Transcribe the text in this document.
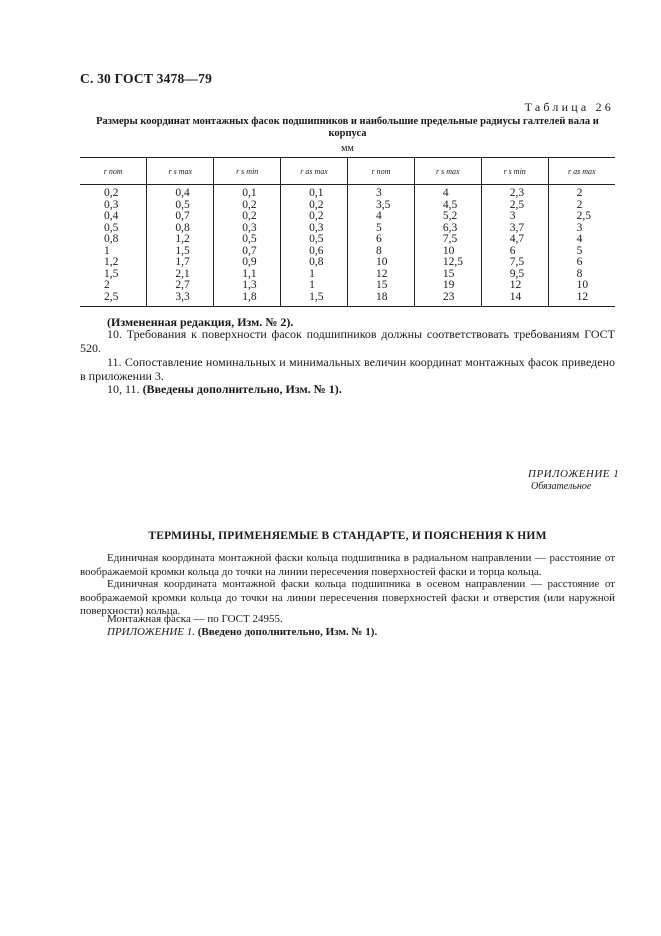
С. 30 ГОСТ 3478—79
Таблица 26
Размеры координат монтажных фасок подшипников и наибольшие предельные радиусы галтелей вала и корпуса
мм
r nom	r s max	r s min	r as max	r nom	r s max	r s min	r as max
0,2	0,4	0,1	0,1	3	4	2,3	2
0,3	0,5	0,2	0,2	3,5	4,5	2,5	2
0,4	0,7	0,2	0,2	4	5,2	3	2,5
0,5	0,8	0,3	0,3	5	6,3	3,7	3
0,8	1,2	0,5	0,5	6	7,5	4,7	4
1	1,5	0,7	0,6	8	10	6	5
1,2	1,7	0,9	0,8	10	12,5	7,5	6
1,5	2,1	1,1	1	12	15	9,5	8
2	2,7	1,3	1	15	19	12	10
2,5	3,3	1,8	1,5	18	23	14	12
(Измененная редакция, Изм. № 2).
10. Требования к поверхности фасок подшипников должны соответствовать требованиям ГОСТ 520.
11. Сопоставление номинальных и минимальных величин координат монтажных фасок приведено в приложении 3.
10, 11. (Введены дополнительно, Изм. № 1).
ПРИЛОЖЕНИЕ 1
Обязательное
ТЕРМИНЫ, ПРИМЕНЯЕМЫЕ В СТАНДАРТЕ, И ПОЯСНЕНИЯ К НИМ
Единичная координата монтажной фаски кольца подшипника в радиальном направлении — расстояние от воображаемой кромки кольца до точки на линии пересечения поверхностей фаски и торца кольца.
Единичная координата монтажной фаски кольца подшипника в осевом направлении — расстояние от воображаемой кромки кольца до точки на линии пересечения поверхностей фаски и отверстия (или наружной поверхности) кольца.
Монтажная фаска — по ГОСТ 24955.
ПРИЛОЖЕНИЕ 1. (Введено дополнительно, Изм. № 1).
